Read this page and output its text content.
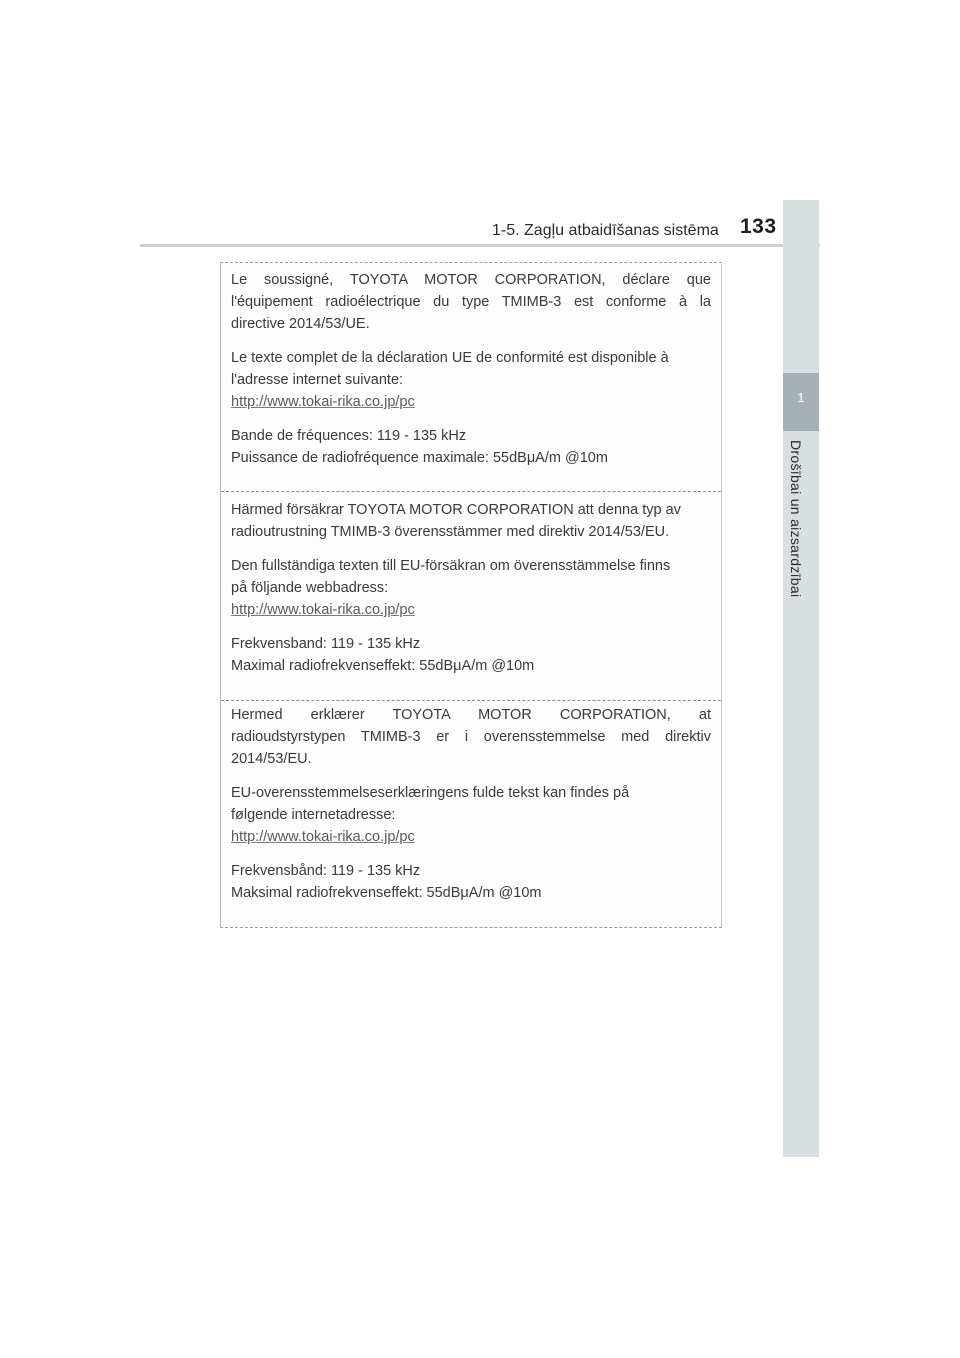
1-5. Zagļu atbaidīšanas sistēma 133
1
Drošībai un aizsardzībai

Le soussigné, TOYOTA MOTOR CORPORATION, déclare que

l'équipement radioélectrique du type TMIMB-3 est conforme à la

directive 2014/53/UE.

Le texte complet de la déclaration UE de conformité est disponible à

l'adresse internet suivante:

http://www.tokai-rika.co.jp/pc

Bande de fréquences: 119 - 135 kHz

Puissance de radiofréquence maximale: 55dBμA/m @10m

Härmed försäkrar TOYOTA MOTOR CORPORATION att denna typ av

radioutrustning TMIMB-3 överensstämmer med direktiv 2014/53/EU.

Den fullständiga texten till EU-försäkran om överensstämmelse finns

på följande webbadress:

http://www.tokai-rika.co.jp/pc

Frekvensband: 119 - 135 kHz

Maximal radiofrekvenseffekt: 55dBμA/m @10m

Hermed erklærer TOYOTA MOTOR CORPORATION, at

radioudstyrstypen TMIMB-3 er i overensstemmelse med direktiv

2014/53/EU.

EU-overensstemmelseserklæringens fulde tekst kan findes på

følgende internetadresse:

http://www.tokai-rika.co.jp/pc

Frekvensbånd: 119 - 135 kHz

Maksimal radiofrekvenseffekt: 55dBμA/m @10m
